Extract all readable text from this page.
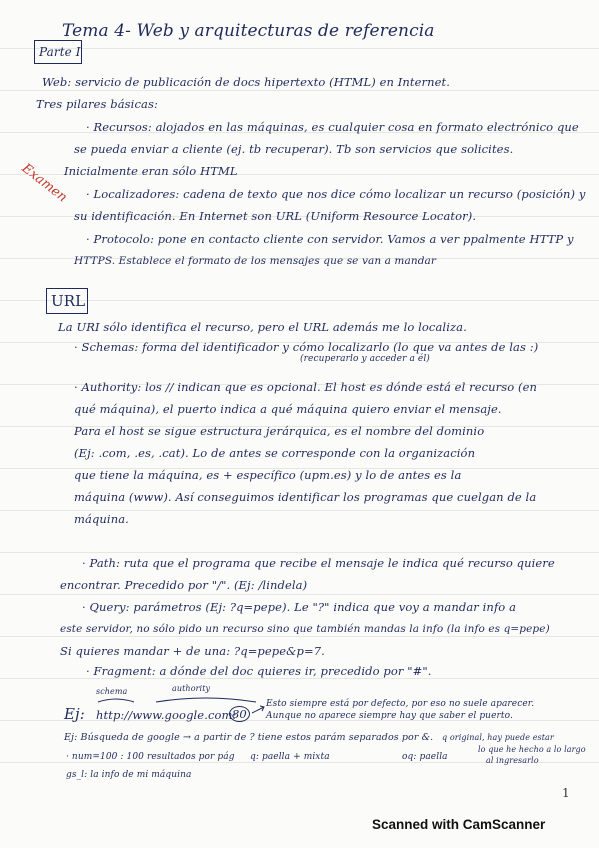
Tema 4- Web y arquitecturas de referencia
Parte I
Web: servicio de publicación de docs hipertexto (HTML) en Internet.
Tres pilares básicas:
· Recursos: alojados en las máquinas, es cualquier cosa en formato electrónico que
se pueda enviar a cliente (ej. tb recuperar). Tb son servicios que solicites.
Inicialmente eran sólo HTML
· Localizadores: cadena de texto que nos dice cómo localizar un recurso (posición) y
su identificación. En Internet son URL (Uniform Resource Locator).
· Protocolo: pone en contacto cliente con servidor. Vamos a ver ppalmente HTTP y
HTTPS. Establece el formato de los mensajes que se van a mandar
Examen
URL
La URI sólo identifica el recurso, pero el URL además me lo localiza.
· Schemas: forma del identificador y cómo localizarlo (lo que va antes de las :)
(recuperarlo y acceder a él)
· Authority: los // indican que es opcional. El host es dónde está el recurso (en
qué máquina), el puerto indica a qué máquina quiero enviar el mensaje.
Para el host se sigue estructura jerárquica, es el nombre del dominio
(Ej: .com, .es, .cat). Lo de antes se corresponde con la organización
que tiene la máquina, es + específico (upm.es) y lo de antes es la
máquina (www). Así conseguimos identificar los programas que cuelgan de la
máquina.
· Path: ruta que el programa que recibe el mensaje le indica qué recurso quiere
encontrar. Precedido por "/". (Ej: /lindela)
· Query: parámetros (Ej: ?q=pepe). Le "?" indica que voy a mandar info a
este servidor, no sólo pido un recurso sino que también mandas la info (la info es q=pepe)
Si quieres mandar + de una: ?q=pepe&p=7.
· Fragment: a dónde del doc quieres ir, precedido por "#".
schema	authority
Ej: http://www.google.com:
80
Esto siempre está por defecto, por eso no suele aparecer.
Aunque no aparece siempre hay que saber el puerto.
Ej: Búsqueda de google → a partir de ? tiene estos parám separados por &. q original, hay puede estar
lo que he hecho a lo largo
· num=100 : 100 resultados por pág q: paella + mixta	oq: paella	al ingresarlo
gs_l: la info de mi máquina
1
Scanned with CamScanner
